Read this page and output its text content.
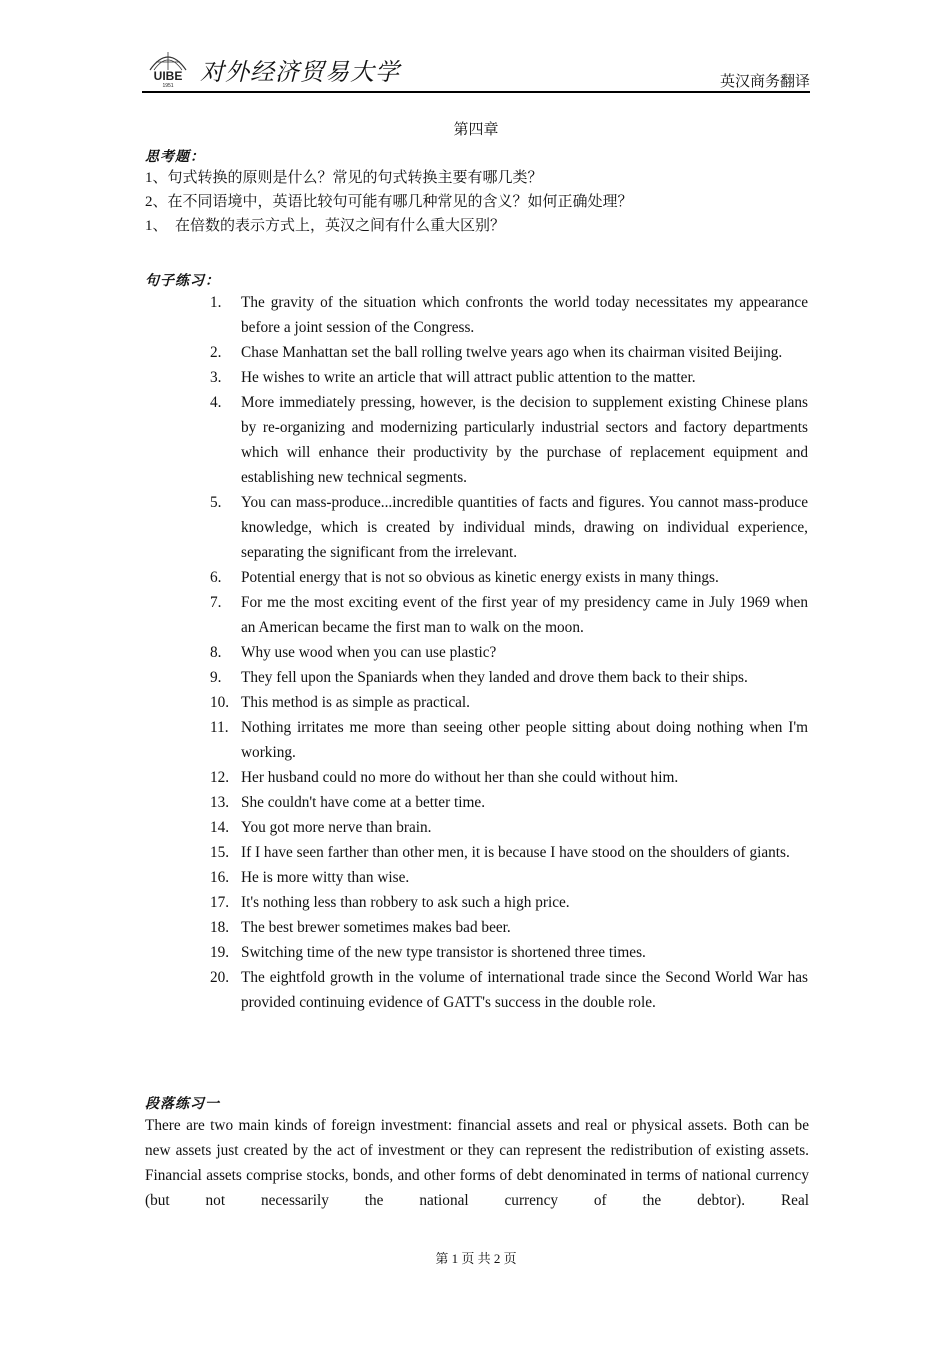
UIBE
1951 对外经济贸易大学	英汉商务翻译
第四章
思考题：
1、句式转换的原则是什么？常见的句式转换主要有哪几类？
2、在不同语境中，英语比较句可能有哪几种常见的含义？如何正确处理？
1、　在倍数的表示方式上，英汉之间有什么重大区别？
句子练习：
1.	The gravity of the situation which confronts the world today necessitates my appearance before a joint session of the Congress.
2.	Chase Manhattan set the ball rolling twelve years ago when its chairman visited Beijing.
3.	He wishes to write an article that will attract public attention to the matter.
4.	More immediately pressing, however, is the decision to supplement existing Chinese plans by re-organizing and modernizing particularly industrial sectors and factory departments which will enhance their productivity by the purchase of replacement equipment and establishing new technical segments.
5.	You can mass-produce...incredible quantities of facts and figures. You cannot mass-produce knowledge, which is created by individual minds, drawing on individual experience, separating the significant from the irrelevant.
6.	Potential energy that is not so obvious as kinetic energy exists in many things.
7.	For me the most exciting event of the first year of my presidency came in July 1969 when an American became the first man to walk on the moon.
8.	Why use wood when you can use plastic?
9.	They fell upon the Spaniards when they landed and drove them back to their ships.
10. This method is as simple as practical.
11. Nothing irritates me more than seeing other people sitting about doing nothing when I'm working.
12. Her husband could no more do without her than she could without him.
13. She couldn't have come at a better time.
14. You got more nerve than brain.
15. If I have seen farther than other men, it is because I have stood on the shoulders of giants.
16. He is more witty than wise.
17. It's nothing less than robbery to ask such a high price.
18. The best brewer sometimes makes bad beer.
19. Switching time of the new type transistor is shortened three times.
20. The eightfold growth in the volume of international trade since the Second World War has provided continuing evidence of GATT's success in the double role.
段落练习一
There are two main kinds of foreign investment: financial assets and real or physical assets. Both can be new assets just created by the act of investment or they can represent the redistribution of existing assets. Financial assets comprise stocks, bonds, and other forms of debt denominated in terms of national currency (but not necessarily the national currency of the debtor). Real
第 1 页 共 2 页
